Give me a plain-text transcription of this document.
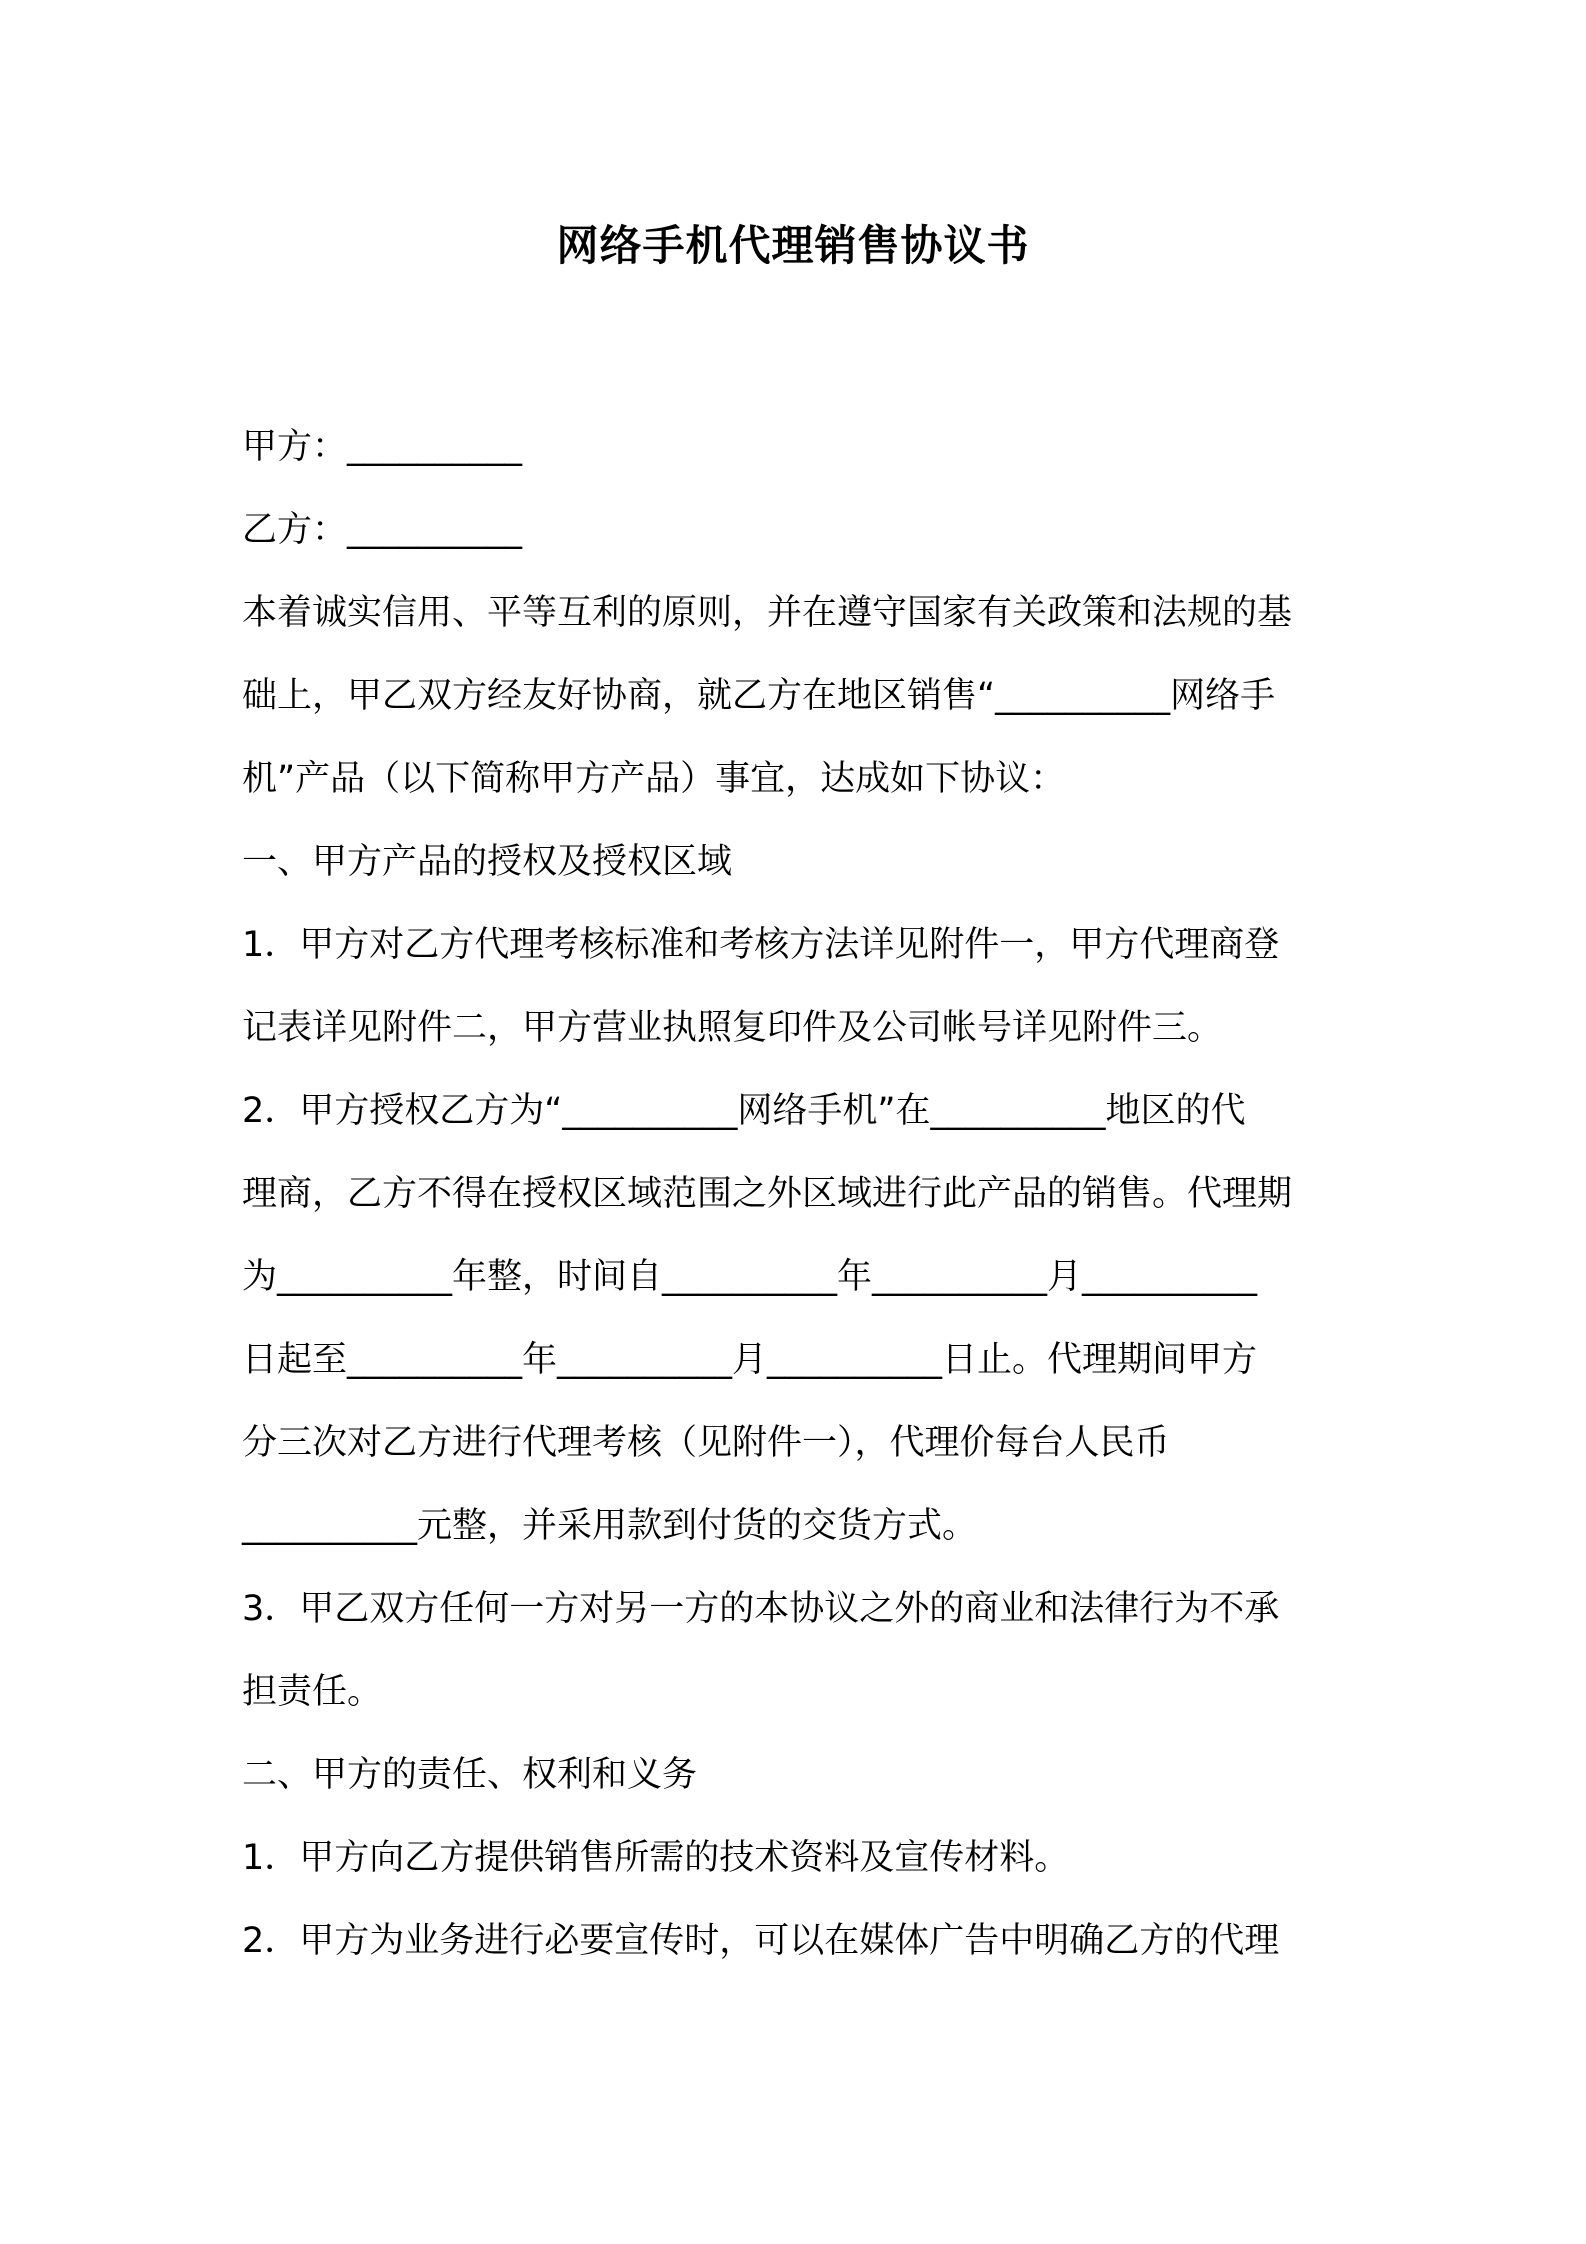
网络手机代理销售协议书
甲方：__________
乙方：__________
本着诚实信用、平等互利的原则，并在遵守国家有关政策和法规的基
础上，甲乙双方经友好协商，就乙方在地区销售“__________网络手
机”产品（以下简称甲方产品）事宜，达成如下协议：
一、甲方产品的授权及授权区域
1．甲方对乙方代理考核标准和考核方法详见附件一，甲方代理商登
记表详见附件二，甲方营业执照复印件及公司帐号详见附件三。
2．甲方授权乙方为“__________网络手机”在__________地区的代
理商，乙方不得在授权区域范围之外区域进行此产品的销售。代理期
为__________年整，时间自__________年__________月__________
日起至__________年__________月__________日止。代理期间甲方
分三次对乙方进行代理考核（见附件一），代理价每台人民币
__________元整，并采用款到付货的交货方式。
3．甲乙双方任何一方对另一方的本协议之外的商业和法律行为不承
担责任。
二、甲方的责任、权利和义务
1．甲方向乙方提供销售所需的技术资料及宣传材料。
2．甲方为业务进行必要宣传时，可以在媒体广告中明确乙方的代理
